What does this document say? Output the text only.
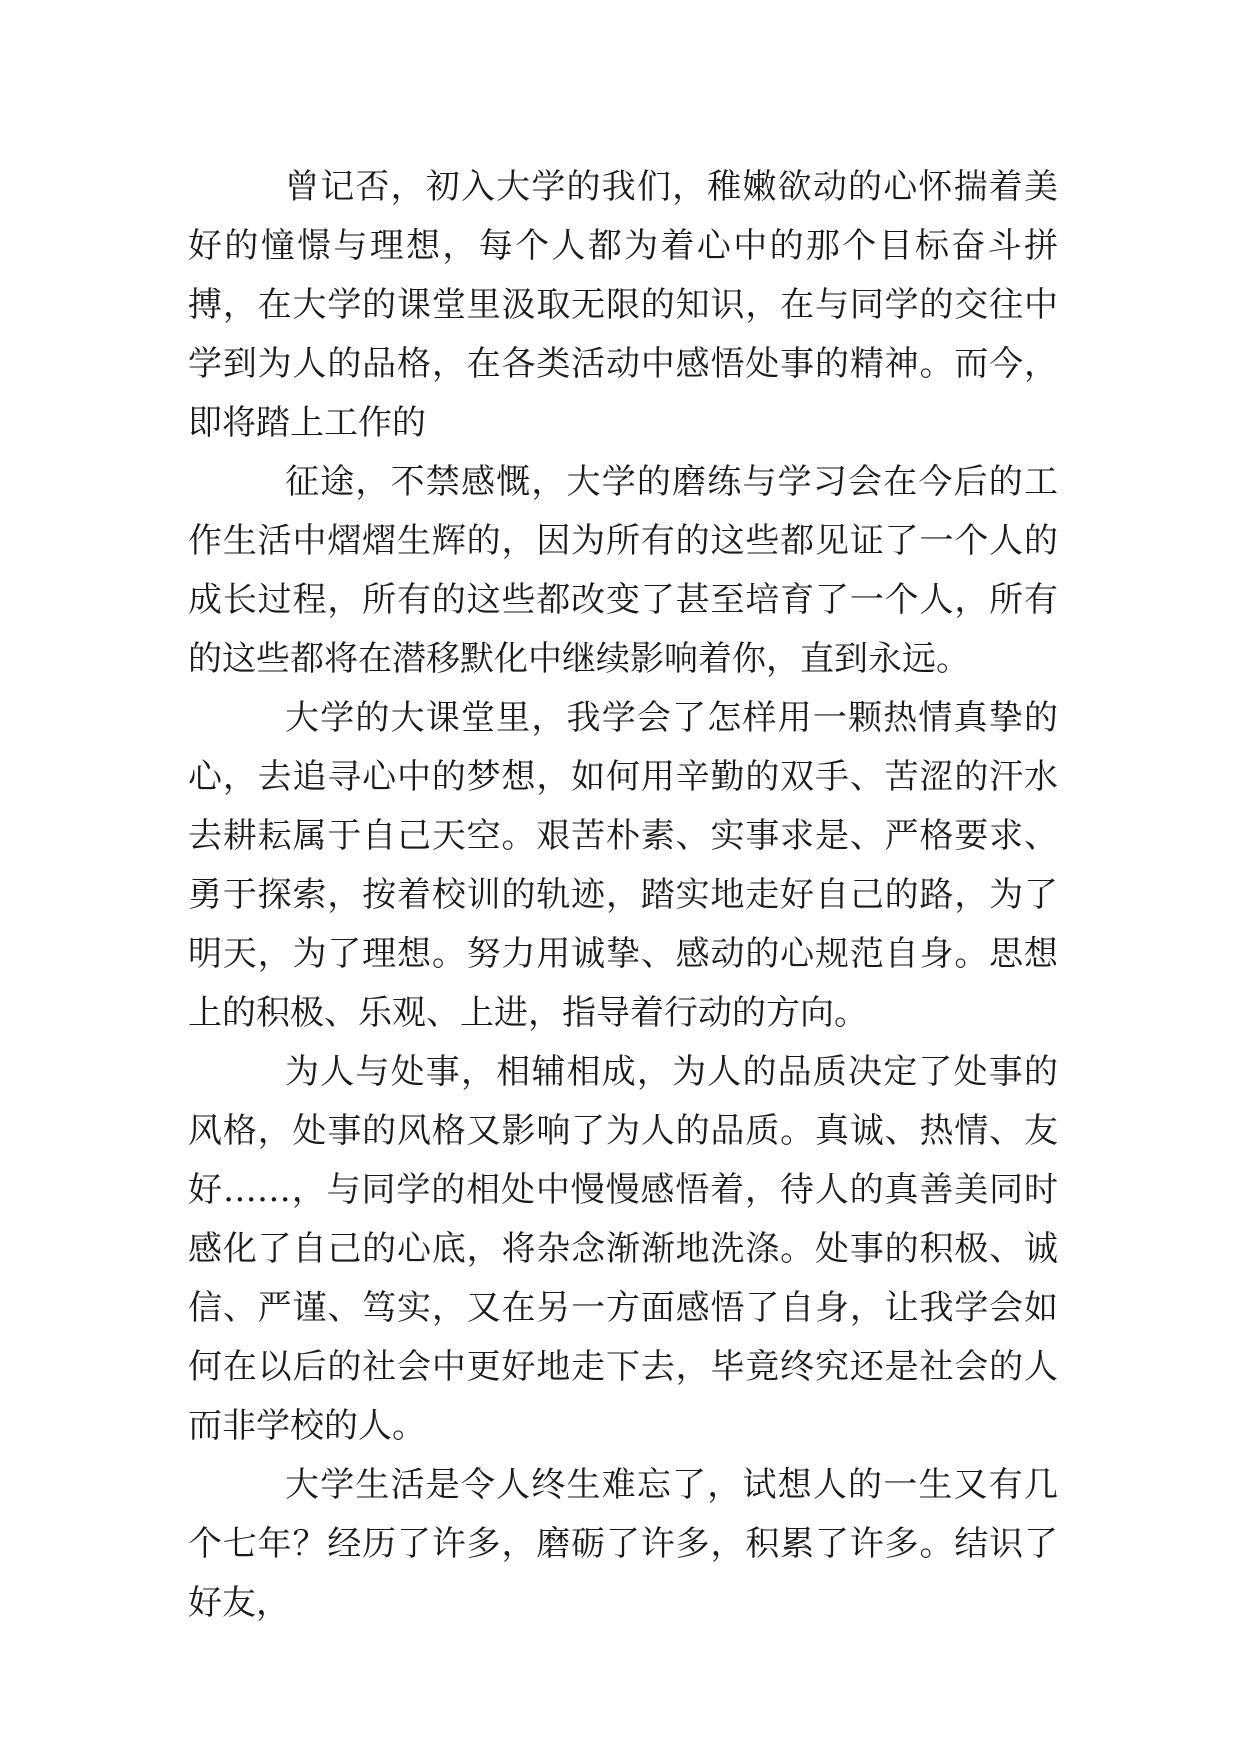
曾记否，初入大学的我们，稚嫩欲动的心怀揣着美好的憧憬与理想，每个人都为着心中的那个目标奋斗拼搏，在大学的课堂里汲取无限的知识，在与同学的交往中学到为人的品格，在各类活动中感悟处事的精神。而今，即将踏上工作的

征途，不禁感慨，大学的磨练与学习会在今后的工作生活中熠熠生辉的，因为所有的这些都见证了一个人的成长过程，所有的这些都改变了甚至培育了一个人，所有的这些都将在潜移默化中继续影响着你，直到永远。

大学的大课堂里，我学会了怎样用一颗热情真挚的心，去追寻心中的梦想，如何用辛勤的双手、苦涩的汗水去耕耘属于自己天空。艰苦朴素、实事求是、严格要求、勇于探索，按着校训的轨迹，踏实地走好自己的路，为了明天，为了理想。努力用诚挚、感动的心规范自身。思想上的积极、乐观、上进，指导着行动的方向。

为人与处事，相辅相成，为人的品质决定了处事的风格，处事的风格又影响了为人的品质。真诚、热情、友好……，与同学的相处中慢慢感悟着，待人的真善美同时感化了自己的心底，将杂念渐渐地洗涤。处事的积极、诚信、严谨、笃实，又在另一方面感悟了自身，让我学会如何在以后的社会中更好地走下去，毕竟终究还是社会的人而非学校的人。

大学生活是令人终生难忘了，试想人的一生又有几个七年？经历了许多，磨砺了许多，积累了许多。结识了好友，
